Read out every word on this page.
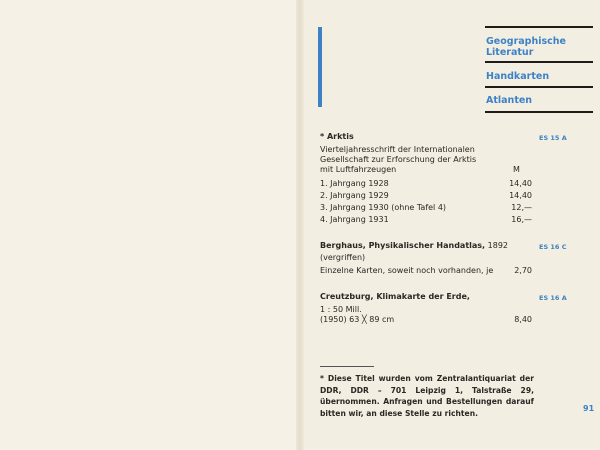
Geographische
Literatur
Handkarten
Atlanten
* Arktis	ES 15 A
Vierteljahresschrift der Internationalen
Gesellschaft zur Erforschung der Arktis
mit Luftfahrzeugen	M
1. Jahrgang 1928	14,40
2. Jahrgang 1929	14,40
3. Jahrgang 1930 (ohne Tafel 4)	12,—
4. Jahrgang 1931	16,—
Berghaus, Physikalischer Handatlas, 1892	ES 16 C
(vergriffen)
Einzelne Karten, soweit noch vorhanden, je	2,70
Creutzburg, Klimakarte der Erde,	ES 16 A
1 : 50 Mill.
(1950) 63 ╳ 89 cm	8,40
* Diese Titel wurden vom Zentralantiquariat der DDR, DDR – 701 Leipzig 1, Talstraße 29, übernommen. Anfragen und Bestellungen darauf bitten wir, an diese Stelle zu richten.
91
